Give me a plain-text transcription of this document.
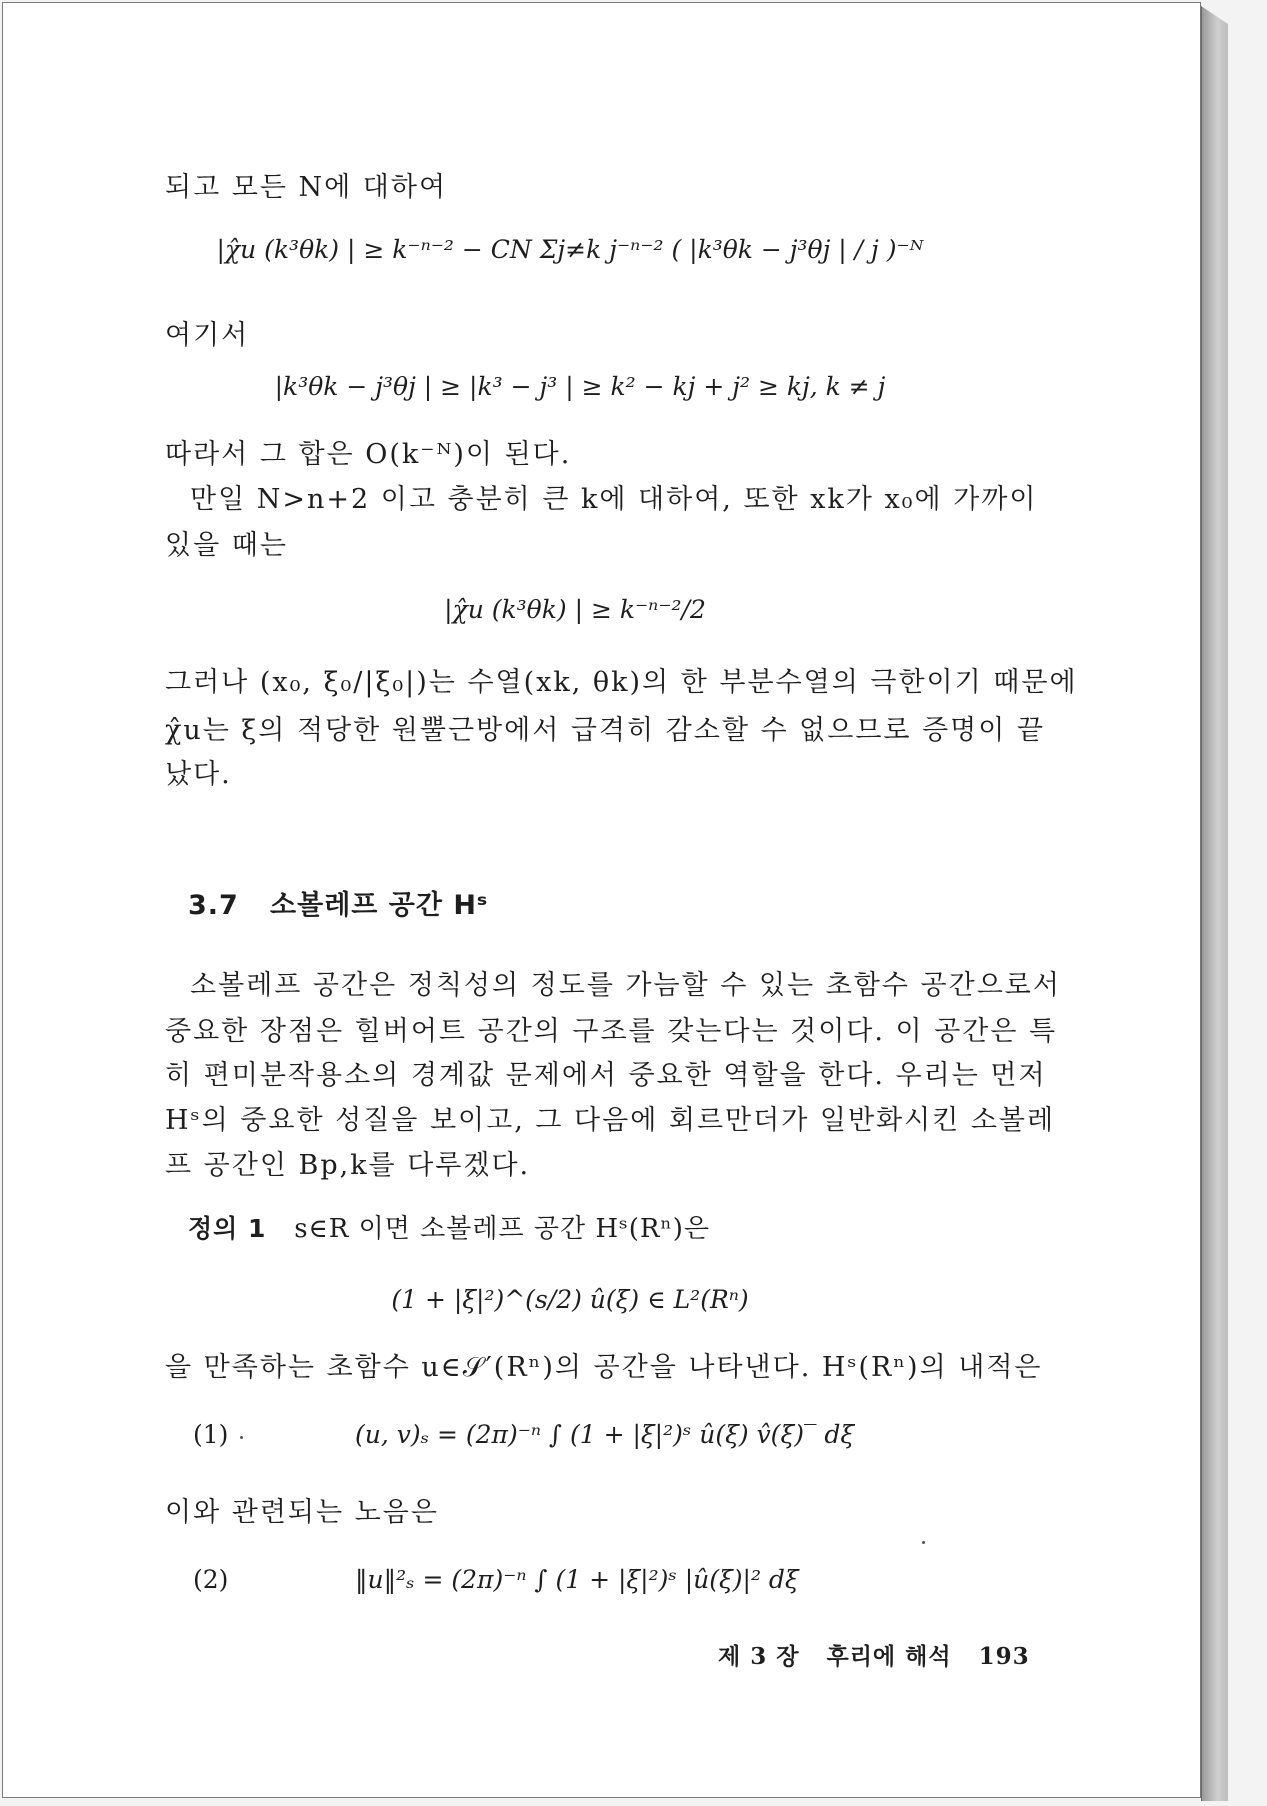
되고 모든 N에 대하여
|χ̂u (k³θk) | ≥ k⁻ⁿ⁻² − CN Σj≠k j⁻ⁿ⁻² ( |k³θk − j³θj | / j )⁻ᴺ
여기서
|k³θk − j³θj | ≥ |k³ − j³ | ≥ k² − kj + j² ≥ kj, k ≠ j
따라서 그 합은 O(k⁻ᴺ)이 된다.
만일 N>n+2 이고 충분히 큰 k에 대하여, 또한 xk가 x₀에 가까이
있을 때는
|χ̂u (k³θk) | ≥ k⁻ⁿ⁻²/2
그러나 (x₀, ξ₀/|ξ₀|)는 수열(xk, θk)의 한 부분수열의 극한이기 때문에
χ̂u는 ξ의 적당한 원뿔근방에서 급격히 감소할 수 없으므로 증명이 끝
났다.
3.7 소볼레프 공간 Hˢ
소볼레프 공간은 정칙성의 정도를 가늠할 수 있는 초함수 공간으로서
중요한 장점은 힐버어트 공간의 구조를 갖는다는 것이다. 이 공간은 특
히 편미분작용소의 경계값 문제에서 중요한 역할을 한다. 우리는 먼저
Hˢ의 중요한 성질을 보이고, 그 다음에 회르만더가 일반화시킨 소볼레
프 공간인 Bp,k를 다루겠다.
정의 1 s∈R 이면 소볼레프 공간 Hˢ(Rⁿ)은
(1 + |ξ|²)^(s/2) û(ξ) ∈ L²(Rⁿ)
을 만족하는 초함수 u∈𝒮′(Rⁿ)의 공간을 나타낸다. Hˢ(Rⁿ)의 내적은
(1)	(u, v)ₛ = (2π)⁻ⁿ ∫ (1 + |ξ|²)ˢ û(ξ) v̂(ξ)‾ dξ
이와 관련되는 노음은
(2)	‖u‖²ₛ = (2π)⁻ⁿ ∫ (1 + |ξ|²)ˢ |û(ξ)|² dξ
제 3 장 후리에 해석 193
